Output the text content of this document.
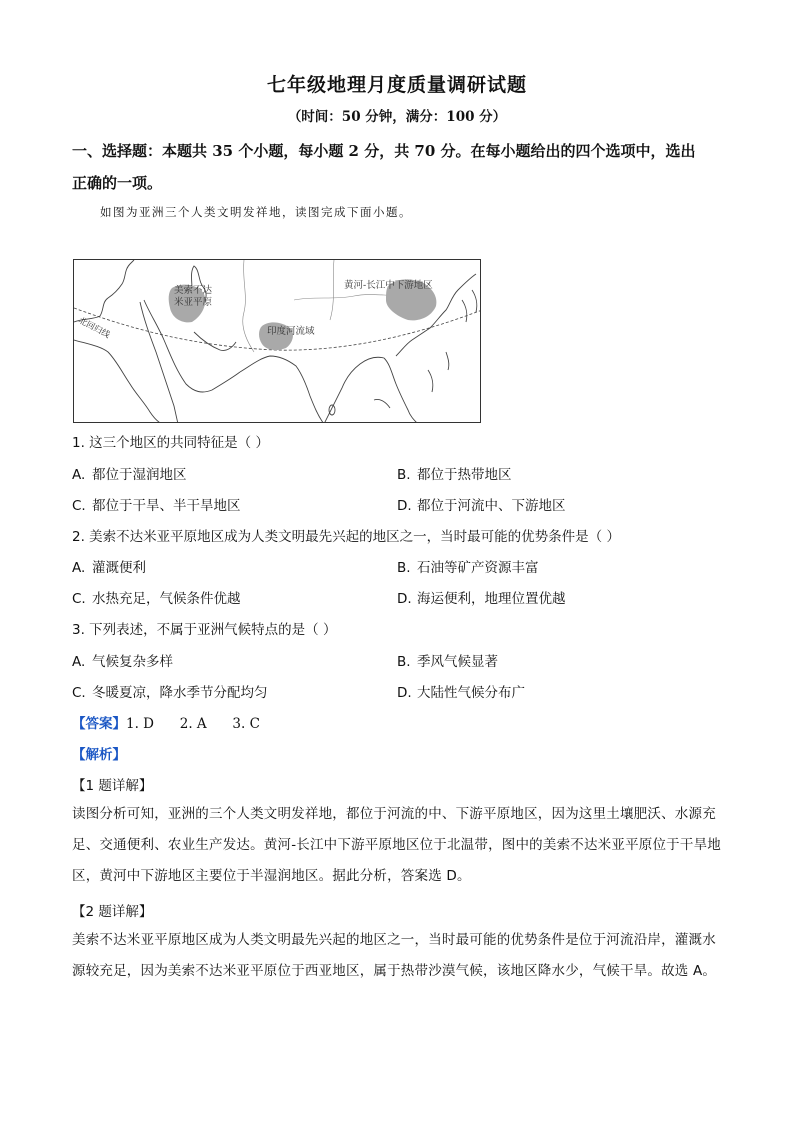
七年级地理月度质量调研试题
（时间：50 分钟，满分：100 分）
一、选择题：本题共 35 个小题，每小题 2 分，共 70 分。在每小题给出的四个选项中，选出
正确的一项。
如图为亚洲三个人类文明发祥地，读图完成下面小题。
美索不达
米亚平原
印度河流域
黄河-长江中下游地区
北回归线
1. 这三个地区的共同特征是（ ）
A. 都位于湿润地区	B. 都位于热带地区
C. 都位于干旱、半干旱地区	D. 都位于河流中、下游地区
2. 美索不达米亚平原地区成为人类文明最先兴起的地区之一，当时最可能的优势条件是（ ）
A. 灌溉便利	B. 石油等矿产资源丰富
C. 水热充足，气候条件优越	D. 海运便利，地理位置优越
3. 下列表述，不属于亚洲气候特点的是（ ）
A. 气候复杂多样	B. 季风气候显著
C. 冬暖夏凉，降水季节分配均匀	D. 大陆性气候分布广
【答案】1. D      2. A      3. C
【解析】
【1 题详解】
读图分析可知，亚洲的三个人类文明发祥地，都位于河流的中、下游平原地区，因为这里土壤肥沃、水源充足、交通便利、农业生产发达。黄河-长江中下游平原地区位于北温带，图中的美索不达米亚平原位于干旱地区，黄河中下游地区主要位于半湿润地区。据此分析，答案选 D。
【2 题详解】
美索不达米亚平原地区成为人类文明最先兴起的地区之一，当时最可能的优势条件是位于河流沿岸，灌溉水源较充足，因为美索不达米亚平原位于西亚地区，属于热带沙漠气候，该地区降水少，气候干旱。故选 A。
